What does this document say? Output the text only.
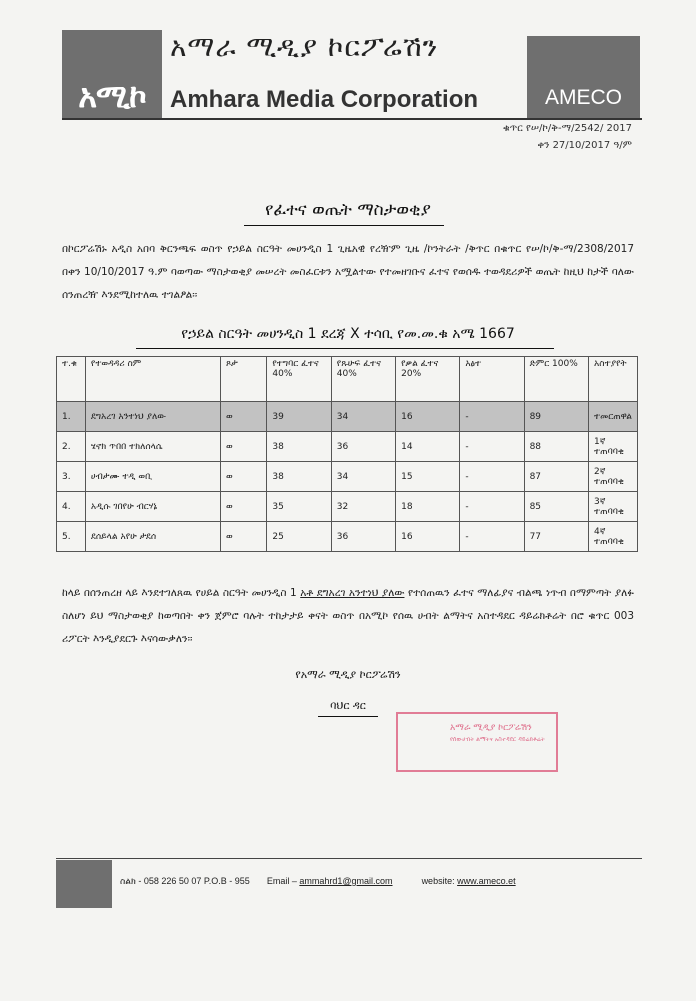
አሚኮ
አማራ ሚዲያ ኮርፖሬሽን
Amhara Media Corporation	AMECO
ቁጥር የሠ/ኮ/ቅ-ማ/2542/ 2017
ቀን 27/10/2017 ዓ/ም
የፈተና ወጤት ማስታወቂያ
በኮርፖሬሽኑ አዲስ አበባ ቅርንጫፍ ወስጥ የኃይል ስርዓት መሀንዲስ 1 ጊዜአዊ የረዥም ጊዜ /ኮንትራት /ቅጥር በቁጥር የሠ/ኮ/ቅ-ማ/2308/2017 በቀን 10/10/2017 ዓ.ም ባወጣው ማስታወቂያ መሠረት መስፈርቱን አሟልተው የተመዘገቡና ፈተና የወሰዱ ተወዳደሪዎች ወጤት ከዚህ ከታች ባለው ሰንጠረዥ እንደሚከተለዉ ተገልፆል፡፡
የኃይል ስርዓት መሀንዲስ 1 ደረጃ X ተሳቢ የመ.መ.ቁ አሜ 1667
ተ.ቁ	የተወዳዳሪ ስም	ጾታ	የተግባር ፈተና 40%	የጹሁፍ ፈተና 40%	የቃል ፈተና 20%	አፅተ	ድምር 100%	አስተያየት
1.	ደግአረገ አንተነህ ያለው	ወ	39	34	16	-	89	ተመርጠዋል
2.	ሄኖክ ጥበበ ተክለሰላሴ	ወ	38	36	14	-	88	1ኛ ተጠባባቂ
3.	ሀብታሙ ተዲ ወቢ	ወ	38	34	15	-	87	2ኛ ተጠባባቂ
4.	አዲሱ ገበየሁ ብርሃኔ	ወ	35	32	18	-	85	3ኛ ተጠባባቂ
5.	ደሰይላል አየሁ ታደሰ	ወ	25	36	16	-	77	4ኛ ተጠባባቂ
ከላይ በሰንጠረዘ ላይ እንደተገለጸዉ የሀይል ስርዓት መሀንዲስ 1 አቶ ደግአረገ አንተነህ ያለው የተሰጠዉን ፈተና ማለፊያና ብልጫ ነጥብ በማምጣት ያለፉ ስለሆነ ይህ ማስታወቂያ ከወጣበት ቀን ጀምሮ ባሉት ተከታታይ ቀናት ወስጥ በአሚኮ የሰዉ ሀብት ልማትና አስተዳደር ዳይሬክቶሬት በሮ ቁጥር 003 ሪፖርት እንዲያደርጉ እናሳውቃለን፡፡
የአማራ ሚዲያ ኮርፖሬሽን
ባህር ዳር
አማራ ሚዲያ ኮርፖሬሽን
የሰውሀብት ልማትና አስተዳደር ዳይሬክቶሬት
ስልክ - 058 226 50 07 P.O.B - 955 Email – ammahrd1@gmail.com	website: www.ameco.et
